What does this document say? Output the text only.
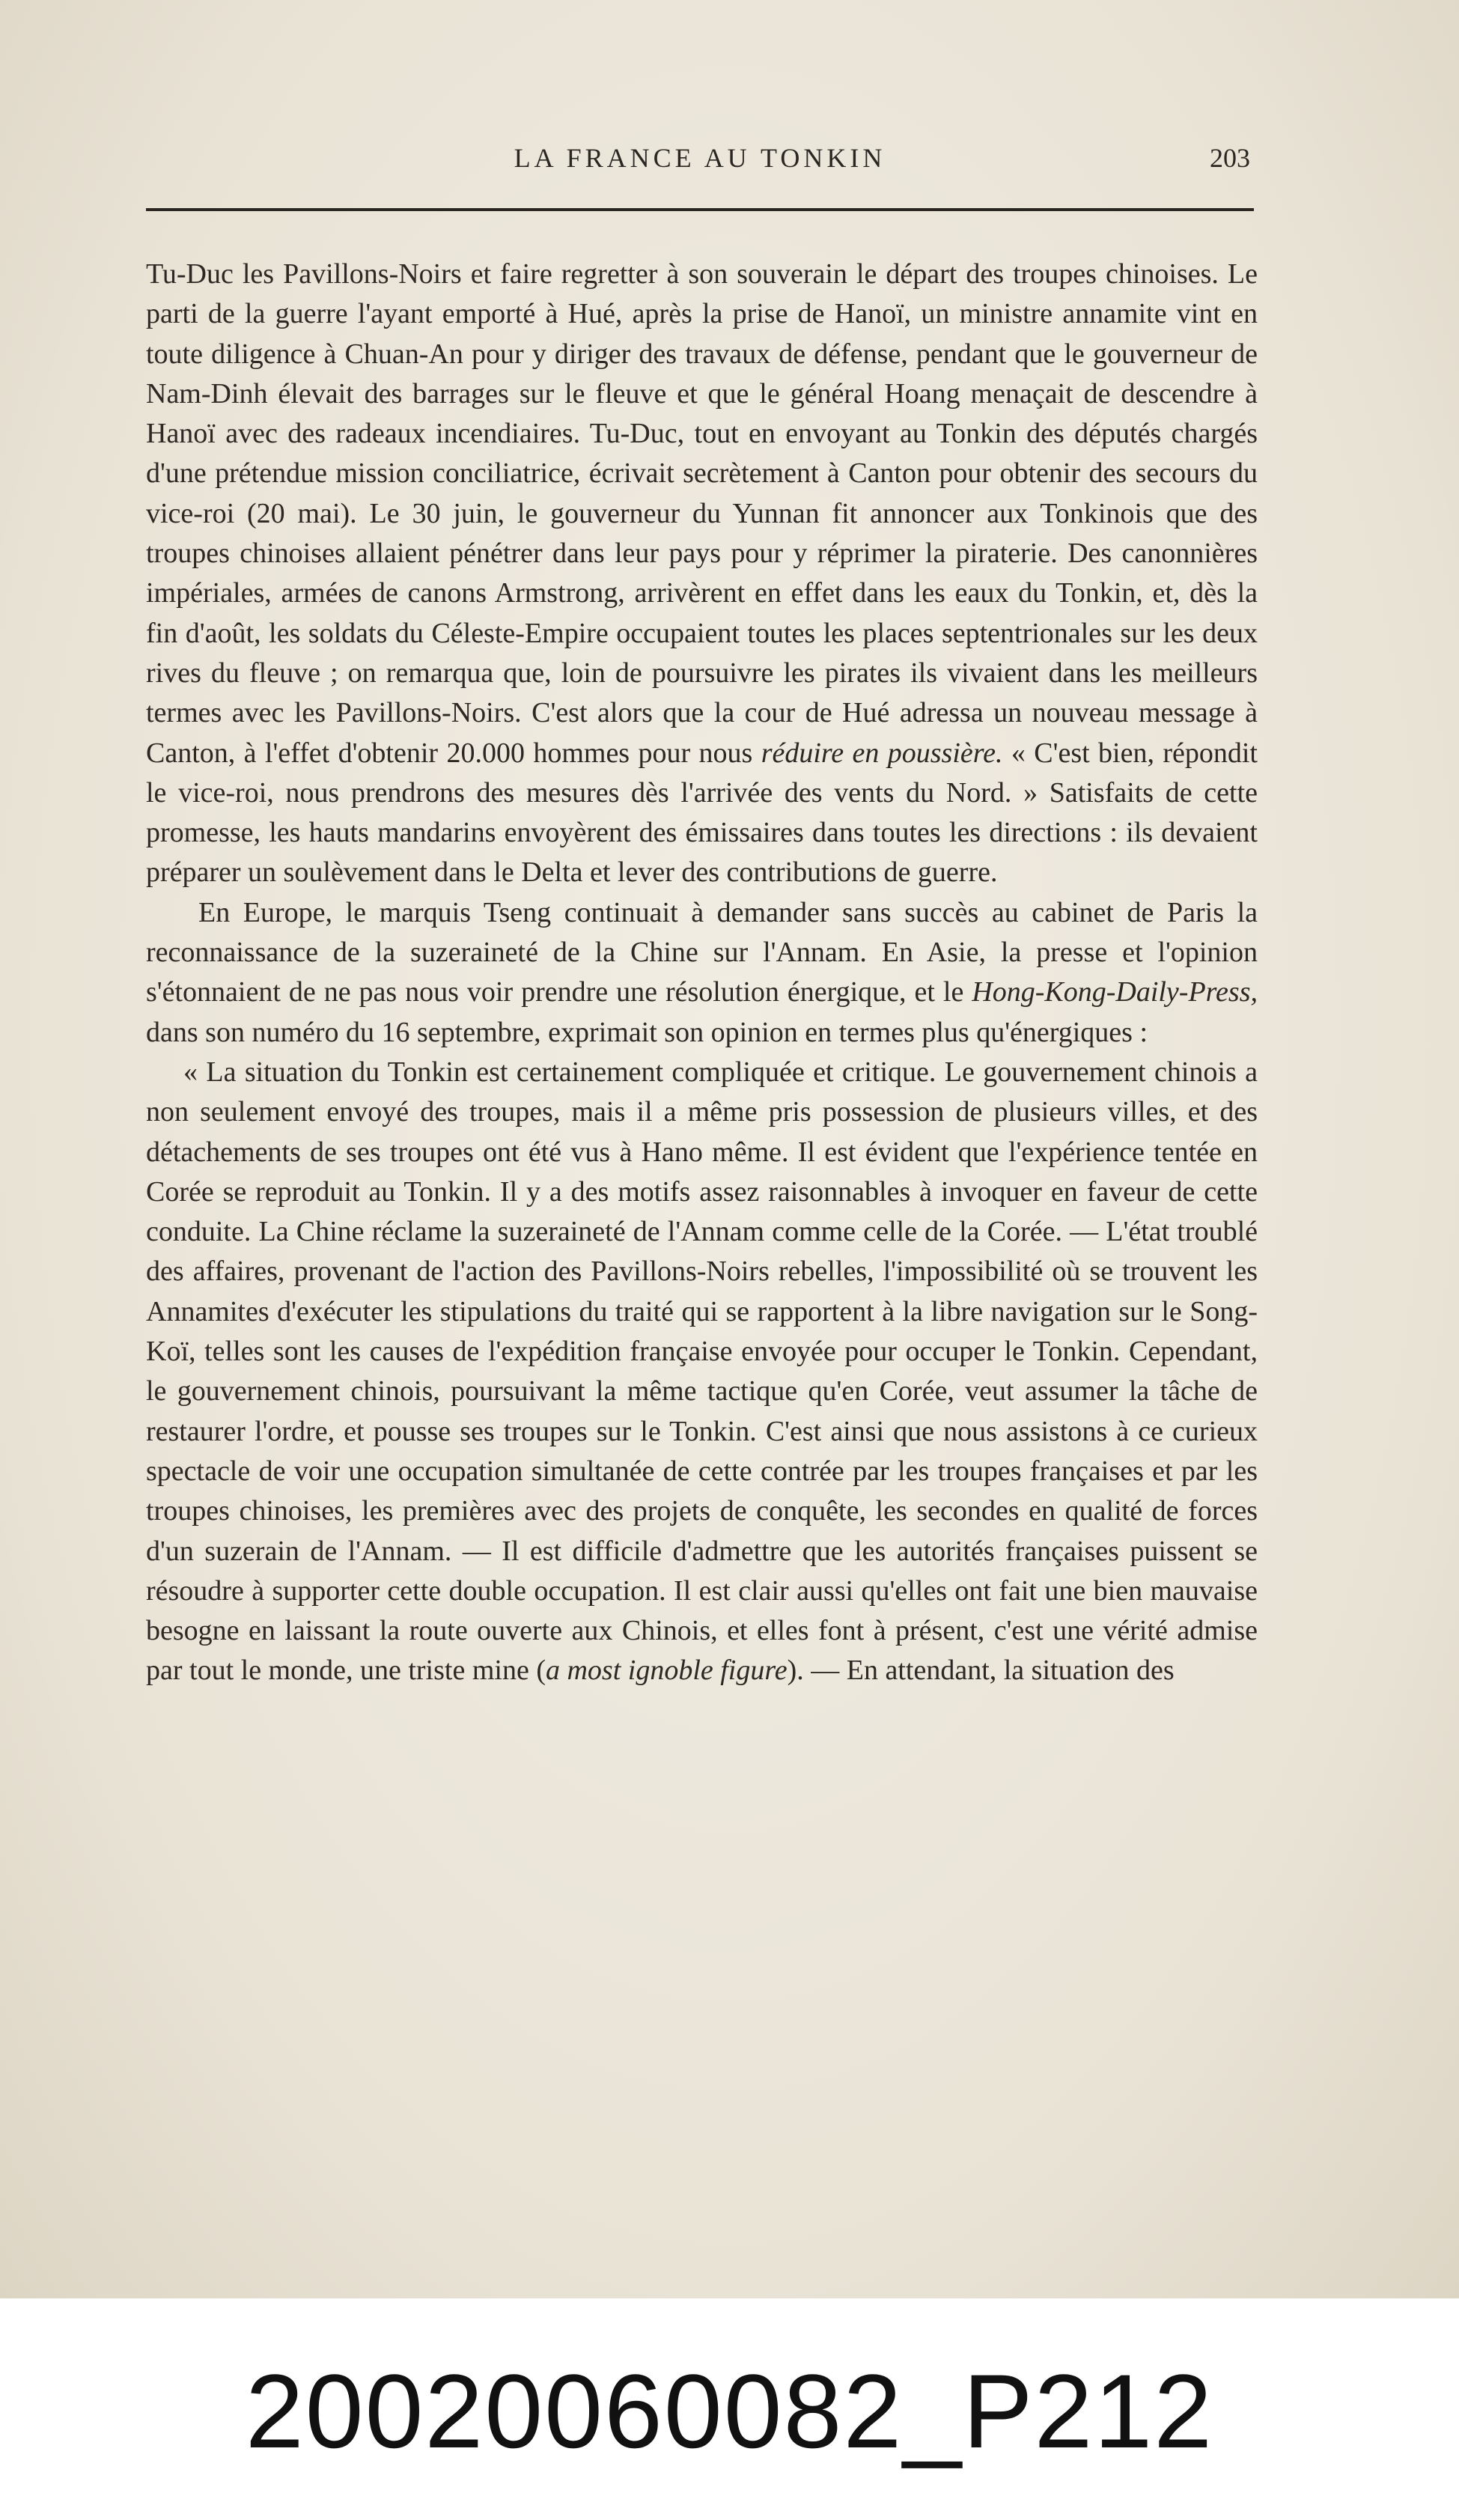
LA FRANCE AU TONKIN	203

Tu-Duc les Pavillons-Noirs et faire regretter à son souverain le départ des troupes chinoises. Le parti de la guerre l'ayant emporté à Hué, après la prise de Hanoï, un ministre annamite vint en toute diligence à Chuan-An pour y diriger des travaux de défense, pendant que le gouverneur de Nam-Dinh élevait des barrages sur le fleuve et que le général Hoang menaçait de descendre à Hanoï avec des radeaux incendiaires. Tu-Duc, tout en envoyant au Tonkin des députés chargés d'une prétendue mission conciliatrice, écrivait secrètement à Canton pour obtenir des secours du vice-roi (20 mai). Le 30 juin, le gouverneur du Yunnan fit annoncer aux Tonkinois que des troupes chinoises allaient pénétrer dans leur pays pour y réprimer la piraterie. Des canonnières impériales, armées de canons Armstrong, arrivèrent en effet dans les eaux du Tonkin, et, dès la fin d'août, les soldats du Céleste-Empire occupaient toutes les places septentrionales sur les deux rives du fleuve ; on remarqua que, loin de poursuivre les pirates ils vivaient dans les meilleurs termes avec les Pavillons-Noirs. C'est alors que la cour de Hué adressa un nouveau message à Canton, à l'effet d'obtenir 20.000 hommes pour nous réduire en poussière. « C'est bien, répondit le vice-roi, nous prendrons des mesures dès l'arrivée des vents du Nord. » Satisfaits de cette promesse, les hauts mandarins envoyèrent des émissaires dans toutes les directions : ils devaient préparer un soulèvement dans le Delta et lever des contributions de guerre.

En Europe, le marquis Tseng continuait à demander sans succès au cabinet de Paris la reconnaissance de la suzeraineté de la Chine sur l'Annam. En Asie, la presse et l'opinion s'étonnaient de ne pas nous voir prendre une résolution énergique, et le Hong-Kong-Daily-Press, dans son numéro du 16 septembre, exprimait son opinion en termes plus qu'énergiques :

« La situation du Tonkin est certainement compliquée et critique. Le gouvernement chinois a non seulement envoyé des troupes, mais il a même pris possession de plusieurs villes, et des détachements de ses troupes ont été vus à Hano même. Il est évident que l'expérience tentée en Corée se reproduit au Tonkin. Il y a des motifs assez raisonnables à invoquer en faveur de cette conduite. La Chine réclame la suzeraineté de l'Annam comme celle de la Corée. — L'état troublé des affaires, provenant de l'action des Pavillons-Noirs rebelles, l'impossibilité où se trouvent les Annamites d'exécuter les stipulations du traité qui se rapportent à la libre navigation sur le Song-Koï, telles sont les causes de l'expédition française envoyée pour occuper le Tonkin. Cependant, le gouvernement chinois, poursuivant la même tactique qu'en Corée, veut assumer la tâche de restaurer l'ordre, et pousse ses troupes sur le Tonkin. C'est ainsi que nous assistons à ce curieux spectacle de voir une occupation simultanée de cette contrée par les troupes françaises et par les troupes chinoises, les premières avec des projets de conquête, les secondes en qualité de forces d'un suzerain de l'Annam. — Il est difficile d'admettre que les autorités françaises puissent se résoudre à supporter cette double occupation. Il est clair aussi qu'elles ont fait une bien mauvaise besogne en laissant la route ouverte aux Chinois, et elles font à présent, c'est une vérité admise par tout le monde, une triste mine (a most ignoble figure). — En attendant, la situation des

20020060082_P212
